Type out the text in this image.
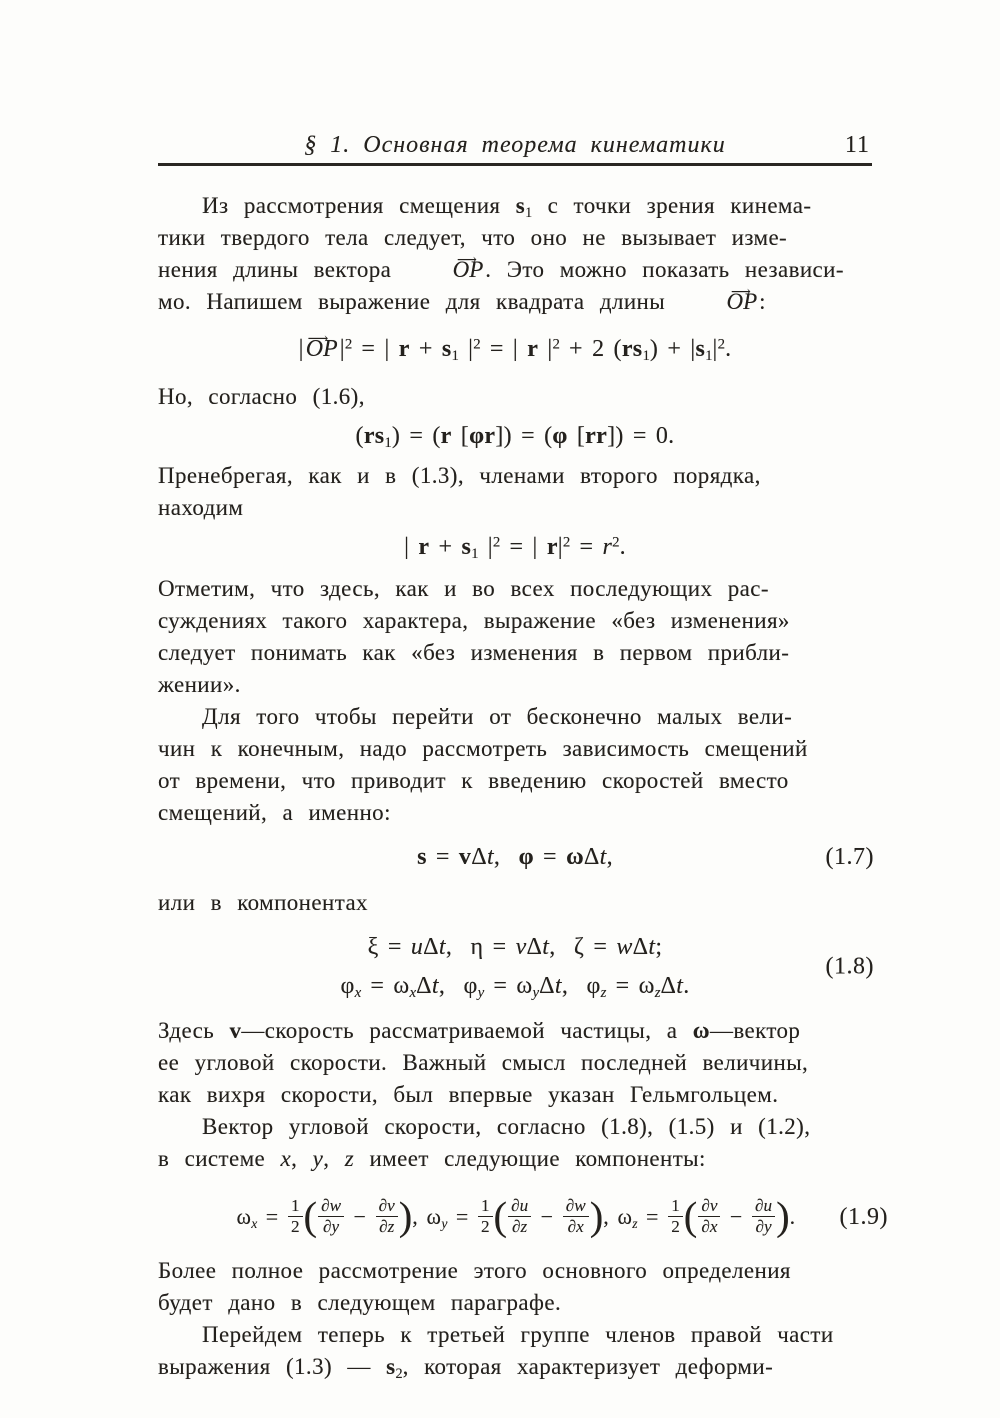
§ 1. Основная теорема кинематики	11

Из рассмотрения смещения $s_1$ с точки зрения кинема-
тики твердого тела следует, что оно не вызывает изме-
нения длины вектора ⟶ OP. Это можно показать независи-
мо. Напишем выражение для квадрата длины ⟶ OP:

|⟶ $OP|^2$ = | $r + s_1$ $|^2$ = | r $|^2 + 2$ $(rs_1) + |s_1|^2$.

Но, согласно (1.6),

$(rs_1) = (r$ [φr]) = (φ [rr]) = 0.

Пренебрегая, как и в (1.3), членами второго порядка,
находим

| $r + s_1$ $|^2$ = | $r|^2 = r^2$.

Отметим, что здесь, как и во всех последующих рас-
суждениях такого характера, выражение «без изменения»
следует понимать как «без изменения в первом прибли-
жении».

Для того чтобы перейти от бесконечно малых вели-
чин к конечным, надо рассмотреть зависимость смещений
от времени, что приводит к введению скоростей вместо
смещений, а именно:

s = vΔt,  φ = ωΔt,	(1.7)

или в компонентах

ξ = uΔt,  η = vΔt,  ζ = wΔt;
$\varphi_x = \omega_x\Delta t$,  $\varphi_y = \omega_y\Delta t$,  $\varphi_z = \omega_z\Delta t$.
(1.8)

Здесь v—скорость рассматриваемой частицы, а ω—вектор
ее угловой скорости. Важный смысл последней величины,
как вихря скорости, был впервые указан Гельмгольцем.

Вектор угловой скорости, согласно (1.8), (1.5) и (1.2),
в системе x, y, z имеет следующие компоненты:

$\omega_x = \frac{1}{2}$ ( $\frac{\partial w}{\partial y} - \frac{\partial v}{\partial z}$ ), $\omega_y = \frac{1}{2}$ ( $\frac{\partial u}{\partial z} - \frac{\partial w}{\partial x}$ ), $\omega_z = \frac{1}{2}$ ( $\frac{\partial v}{\partial x} - \frac{\partial u}{\partial y}$ ). (1.9)

Более полное рассмотрение этого основного определения
будет дано в следующем параграфе.

Перейдем теперь к третьей группе членов правой части
выражения (1.3) — $s_2$, которая характеризует деформи-
